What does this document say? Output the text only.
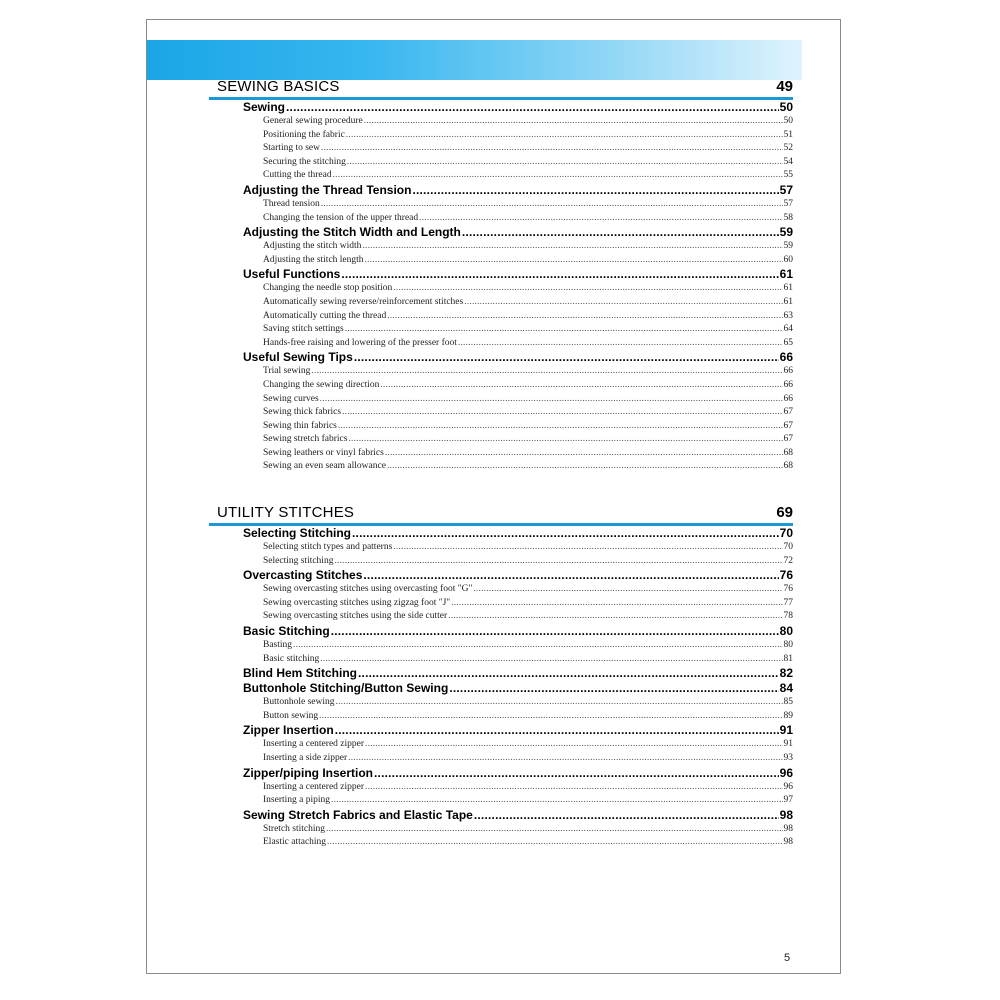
SEWING BASICS	49
Sewing .....	50
General sewing procedure .....	50
Positioning the fabric .....	51
Starting to sew .....	52
Securing the stitching .....	54
Cutting the thread .....	55
Adjusting the Thread Tension .....	57
Thread tension .....	57
Changing the tension of the upper thread .....	58
Adjusting the Stitch Width and Length .....	59
Adjusting the stitch width .....	59
Adjusting the stitch length .....	60
Useful Functions .....	61
Changing the needle stop position .....	61
Automatically sewing reverse/reinforcement stitches .....	61
Automatically cutting the thread .....	63
Saving stitch settings .....	64
Hands-free raising and lowering of the presser foot .....	65
Useful Sewing Tips .....	66
Trial sewing .....	66
Changing the sewing direction .....	66
Sewing curves .....	66
Sewing thick fabrics .....	67
Sewing thin fabrics .....	67
Sewing stretch fabrics .....	67
Sewing leathers or vinyl fabrics .....	68
Sewing an even seam allowance .....	68
UTILITY STITCHES	69
Selecting Stitching .....	70
Selecting stitch types and patterns .....	70
Selecting stitching .....	72
Overcasting Stitches .....	76
Sewing overcasting stitches using overcasting foot "G" .....	76
Sewing overcasting stitches using zigzag foot "J" .....	77
Sewing overcasting stitches using the side cutter .....	78
Basic Stitching .....	80
Basting .....	80
Basic stitching .....	81
Blind Hem Stitching .....	82
Buttonhole Stitching/Button Sewing .....	84
Buttonhole sewing .....	85
Button sewing .....	89
Zipper Insertion .....	91
Inserting a centered zipper .....	91
Inserting a side zipper .....	93
Zipper/piping Insertion .....	96
Inserting a centered zipper .....	96
Inserting a piping .....	97
Sewing Stretch Fabrics and Elastic Tape .....	98
Stretch stitching .....	98
Elastic attaching .....	98
5
